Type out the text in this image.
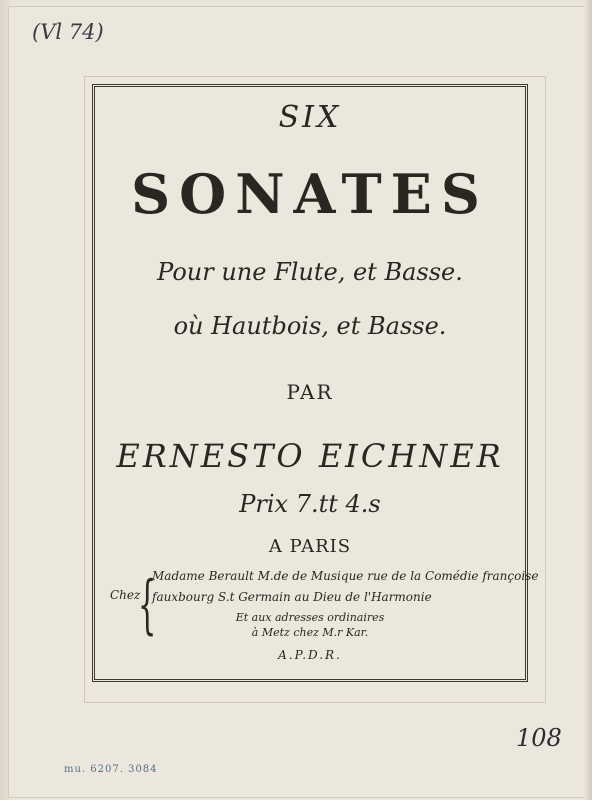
(Vl 74)
SIX
SONATES
Pour une Flute, et Basse.
où Hautbois, et Basse.
PAR
ERNESTO EICHNER
Prix 7.tt 4.s
A PARIS
Chez
{
Madame Berault M.de de Musique rue de la Comédie françoise
fauxbourg S.t Germain au Dieu de l'Harmonie
Et aux adresses ordinaires
à Metz chez M.r Kar.
A.P.D.R.
108
mu. 6207. 3084
